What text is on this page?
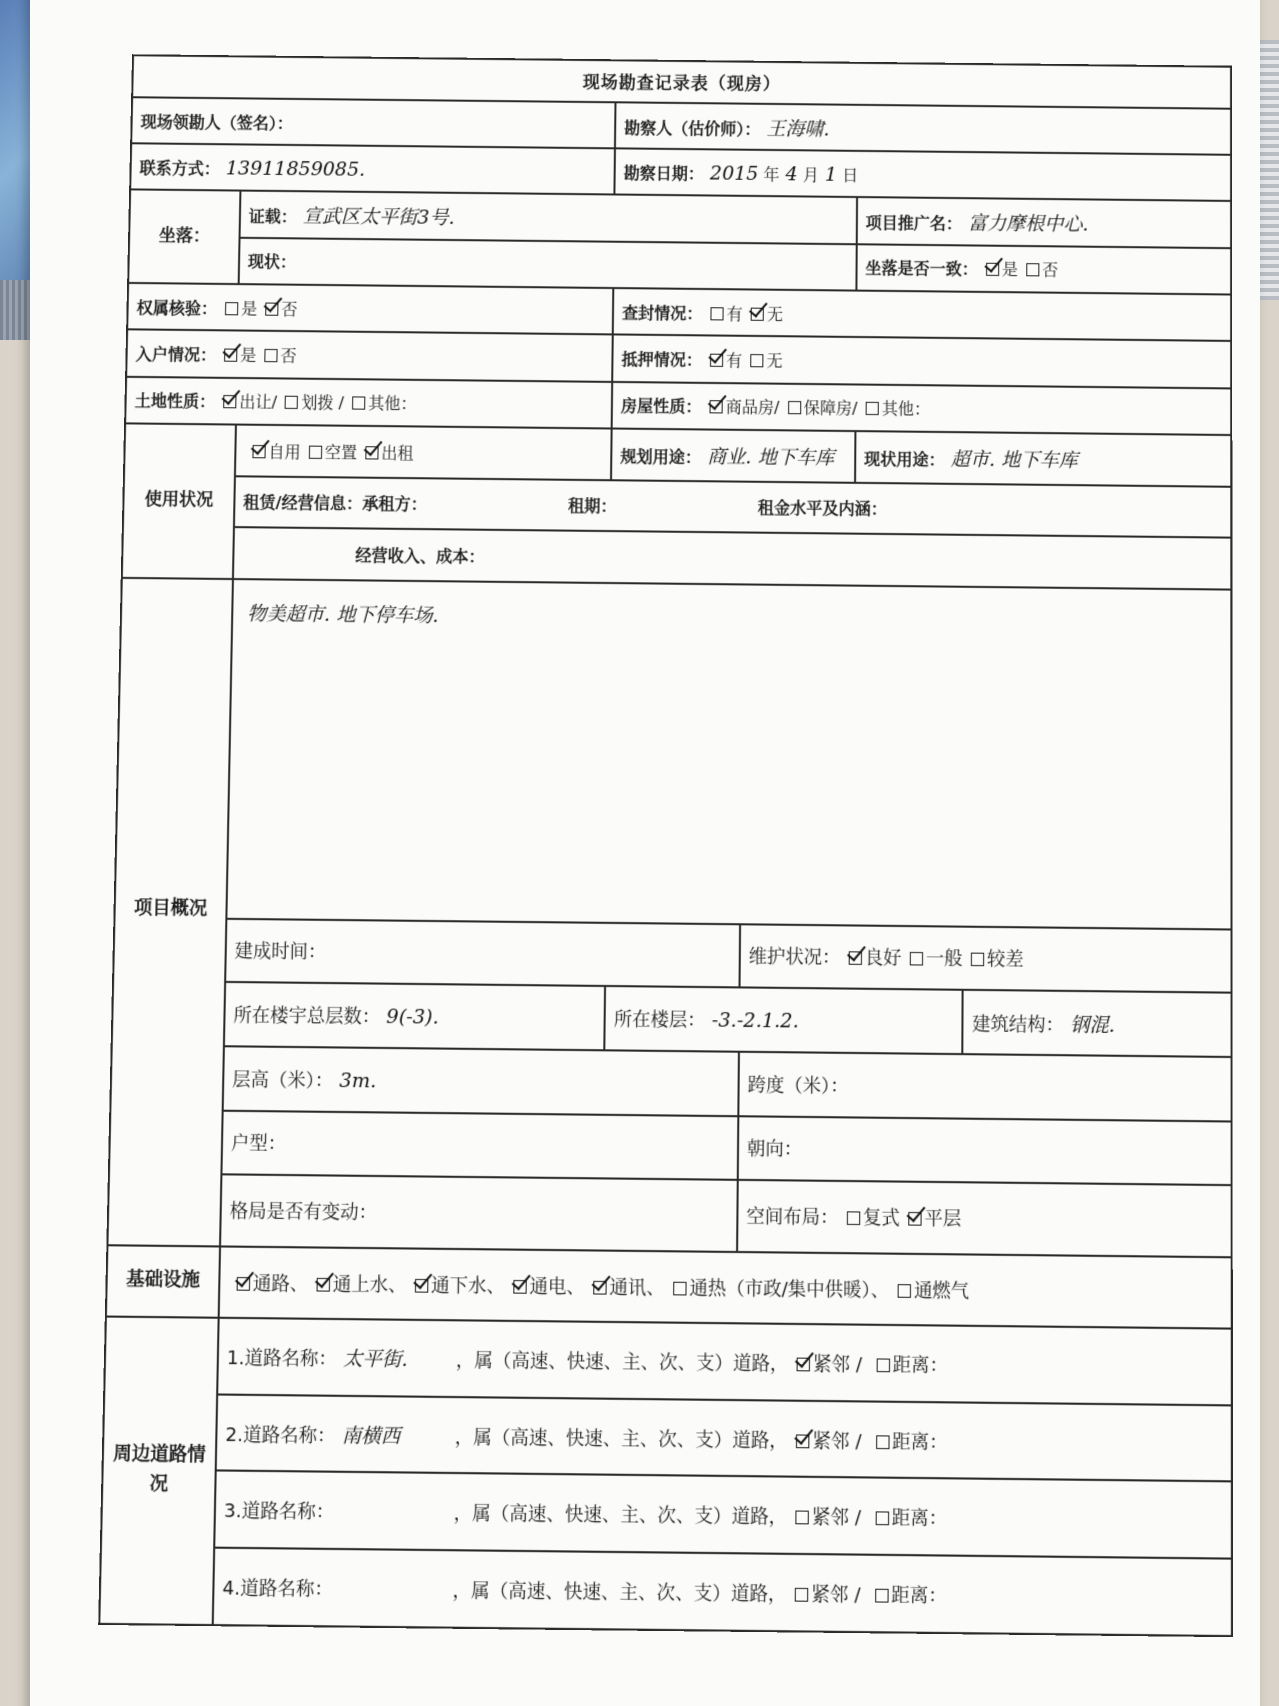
现场勘查记录表（现房）					
现场领勘人（签名）：		勘察人（估价师）： 王海啸.			
联系方式： 13911859085.		勘察日期： 2015 年 4 月 1 日			
坐落：	证载： 宣武区太平街3号.			项目推广名： 富力摩根中心.	
	现状：			坐落是否一致： 是 否	
权属核验： 是 否		查封情况： 有 无			
入户情况： 是 否		抵押情况： 有 无			
土地性质： 出让/ 划拨 / 其他：		房屋性质： 商品房/ 保障房/ 其他：			
使用状况	自用 空置 出租	规划用途： 商业. 地下车库		现状用途： 超市. 地下车库	
	租赁/经营信息：承租方： 租期： 租金水平及内涵：				
	经营收入、成本：				
项目概况	物美超市. 地下停车场.				
	建成时间：		维护状况： 良好 一般 较差		
	所在楼宇总层数： 9(-3).	所在楼层： -3.-2.1.2.			建筑结构： 钢混.
	层高（米）： 3m.		跨度（米）：		
	户型：		朝向：		
	格局是否有变动：		空间布局： 复式 平层		
基础设施	通路、 通上水、 通下水、 通电、 通讯、 通热（市政/集中供暖）、 通燃气				
周边道路情况	1.道路名称： 太平街. ，属（高速、快速、主、次、支）道路， 紧邻 / 距离：				
	2.道路名称： 南横西 ，属（高速、快速、主、次、支）道路， 紧邻 / 距离：				
	3.道路名称： ，属（高速、快速、主、次、支）道路， 紧邻 / 距离：				
	4.道路名称： ，属（高速、快速、主、次、支）道路， 紧邻 / 距离：				
